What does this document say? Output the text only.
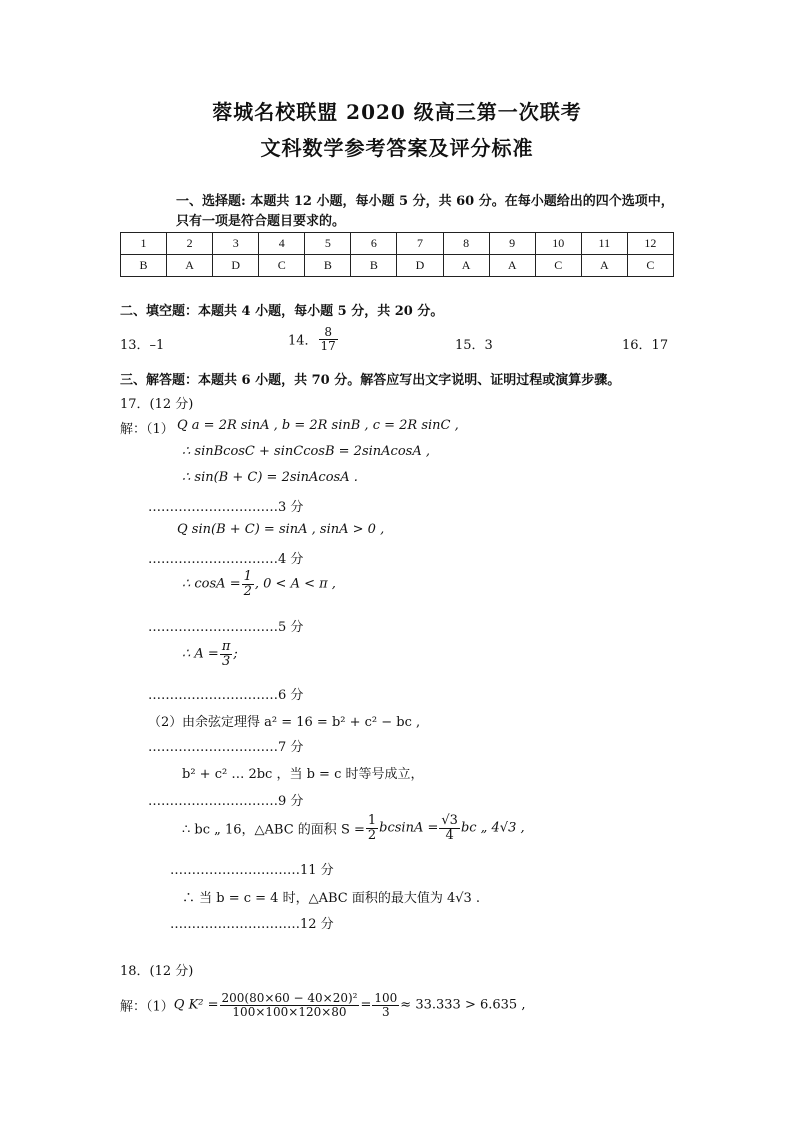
蓉城名校联盟 2020 级高三第一次联考
文科数学参考答案及评分标准
一、选择题: 本题共 12 小题，每小题 5 分，共 60 分。在每小题给出的四个选项中，
只有一项是符合题目要求的。
1	2	3	4	5	6	7	8	9	10	11	12
B	A	D	C	B	B	D	A	A	C	A	C
二、填空题：本题共 4 小题，每小题 5 分，共 20 分。
13．–1	14． $\frac{8}{17}$	15．3	16．17
三、解答题：本题共 6 小题，共 70 分。解答应写出文字说明、证明过程或演算步骤。
17．(12 分)
解：（1） Q a = 2R sinA , b = 2R sinB , c = 2R sinC ,
∴ sinBcosC + sinCcosB = 2sinAcosA ,
∴ sin(B + C) = 2sinAcosA .
…………………………3 分
Q sin(B + C) = sinA , sinA > 0 ,
…………………………4 分
∴ $\cos A = \frac{1}{2}$ , 0 < A < π ,
…………………………5 分
∴ $A = \frac{\pi}{3}$ ;
…………………………6 分
（2） 由余弦定理得 a² = 16 = b² + c² − bc ,
…………………………7 分
b² + c² … 2bc ，当 b = c 时等号成立，
…………………………9 分
∴ bc „ 16，△ABC 的面积 $S = \frac{1}{2}$ $bcsinA = \frac{√3}{4}$ bc „ 4√3 ,
…………………………11 分
∴ 当 b = c = 4 时，△ABC 面积的最大值为 4√3 .
…………………………12 分
18．(12 分)
解：（1）Q $K^2 = \frac{\text{200(80×60 − 40×20)²}}{100\times 100\times 120\times 80} = \frac{100}{3} \approx 33.333 > 6.635$ ,
